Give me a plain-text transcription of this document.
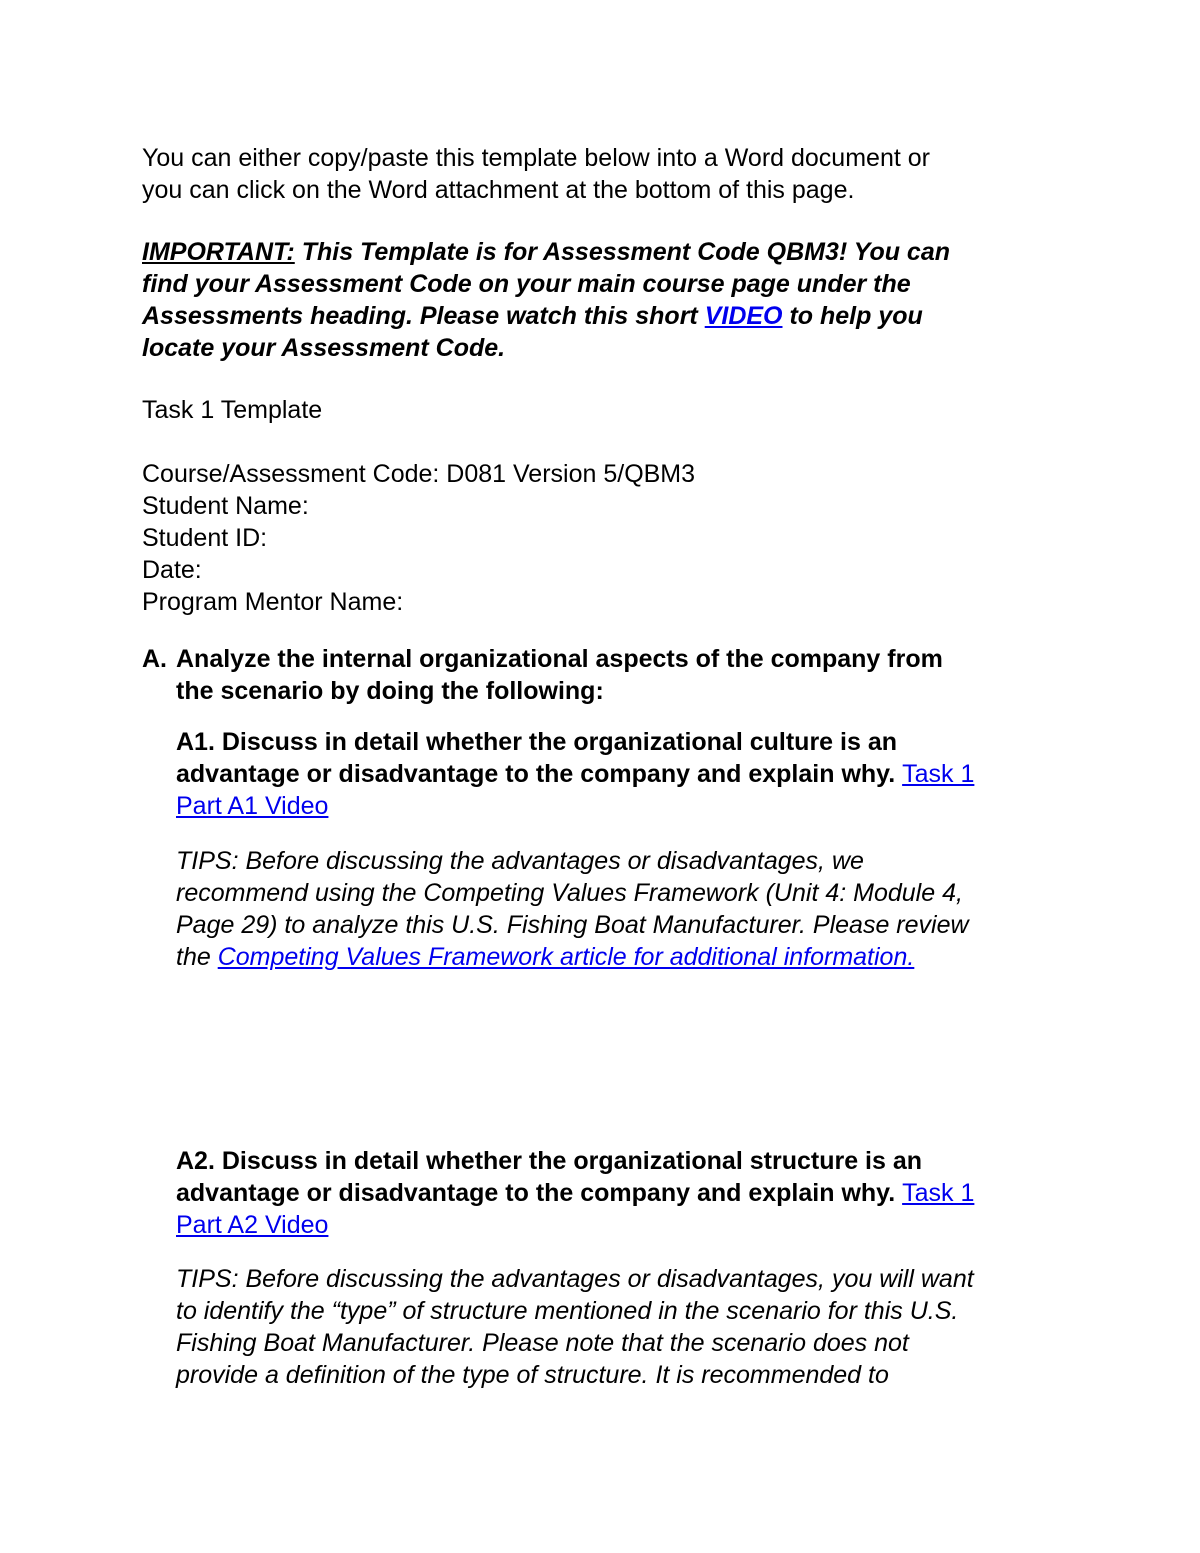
You can either copy/paste this template below into a Word document or
you can click on the Word attachment at the bottom of this page.

IMPORTANT: This Template is for Assessment Code QBM3! You can
find your Assessment Code on your main course page under the
Assessments heading. Please watch this short VIDEO to help you
locate your Assessment Code.

Task 1 Template

Course/Assessment Code: D081 Version 5/QBM3
Student Name:
Student ID:
Date:
Program Mentor Name:

A. Analyze the internal organizational aspects of the company from
the scenario by doing the following:

A1. Discuss in detail whether the organizational culture is an
advantage or disadvantage to the company and explain why. Task 1
Part A1 Video

TIPS: Before discussing the advantages or disadvantages, we
recommend using the Competing Values Framework (Unit 4: Module 4,
Page 29) to analyze this U.S. Fishing Boat Manufacturer. Please review
the Competing Values Framework article for additional information.

A2. Discuss in detail whether the organizational structure is an
advantage or disadvantage to the company and explain why. Task 1
Part A2 Video

TIPS: Before discussing the advantages or disadvantages, you will want
to identify the “type” of structure mentioned in the scenario for this U.S.
Fishing Boat Manufacturer. Please note that the scenario does not
provide a definition of the type of structure. It is recommended to
